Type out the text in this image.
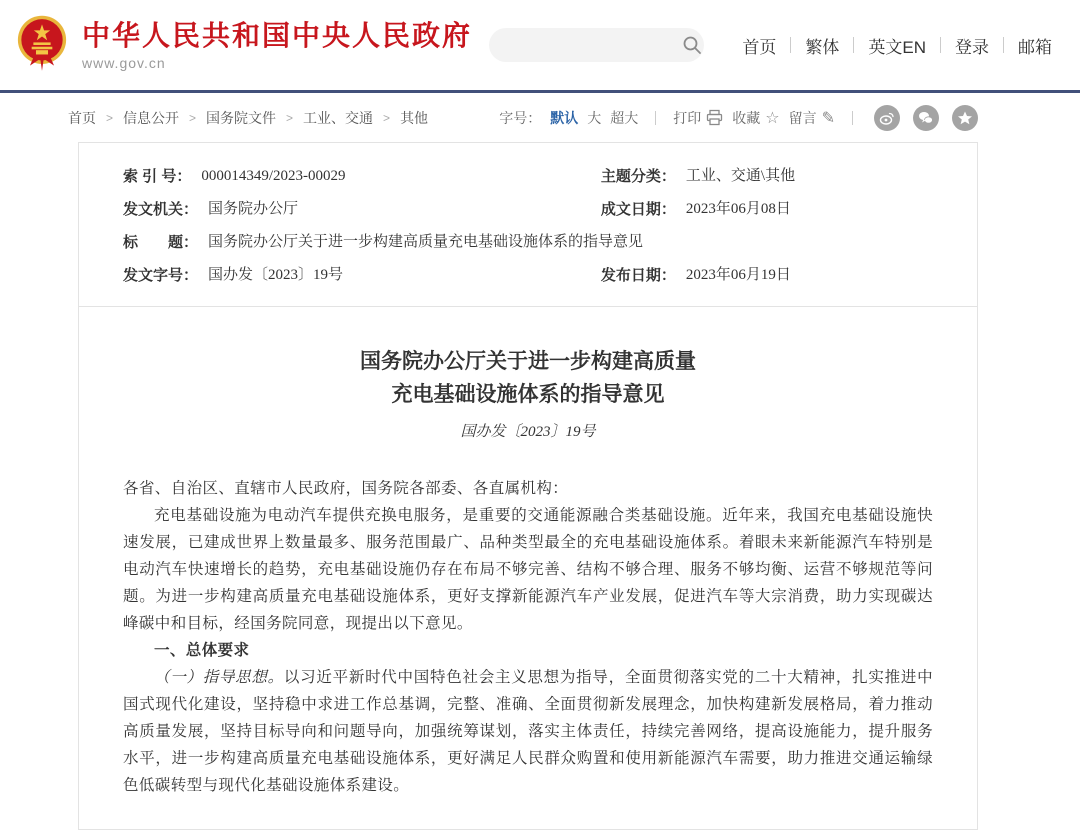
中华人民共和国中央人民政府
www.gov.cn
首页	繁体	英文EN	登录	邮箱
首页 > 信息公开 > 国务院文件 > 工业、交通 > 其他	字号： 默认 大 超大	打印 收藏 ☆ 留言 ✎
索 引 号： 000014349/2023-00029	主题分类： 工业、交通\其他
发文机关： 国务院办公厅	成文日期： 2023年06月08日
标　　题： 国务院办公厅关于进一步构建高质量充电基础设施体系的指导意见
发文字号： 国办发〔2023〕19号	发布日期： 2023年06月19日
国务院办公厅关于进一步构建高质量
充电基础设施体系的指导意见
国办发〔2023〕19号

各省、自治区、直辖市人民政府，国务院各部委、各直属机构：

充电基础设施为电动汽车提供充换电服务，是重要的交通能源融合类基础设施。近年来，我国充电基础设施快速发展，已建成世界上数量最多、服务范围最广、品种类型最全的充电基础设施体系。着眼未来新能源汽车特别是电动汽车快速增长的趋势，充电基础设施仍存在布局不够完善、结构不够合理、服务不够均衡、运营不够规范等问题。为进一步构建高质量充电基础设施体系，更好支撑新能源汽车产业发展，促进汽车等大宗消费，助力实现碳达峰碳中和目标，经国务院同意，现提出以下意见。

一、总体要求

（一）指导思想。以习近平新时代中国特色社会主义思想为指导，全面贯彻落实党的二十大精神，扎实推进中国式现代化建设，坚持稳中求进工作总基调，完整、准确、全面贯彻新发展理念，加快构建新发展格局，着力推动高质量发展，坚持目标导向和问题导向，加强统筹谋划，落实主体责任，持续完善网络，提高设施能力，提升服务水平，进一步构建高质量充电基础设施体系，更好满足人民群众购置和使用新能源汽车需要，助力推进交通运输绿色低碳转型与现代化基础设施体系建设。
